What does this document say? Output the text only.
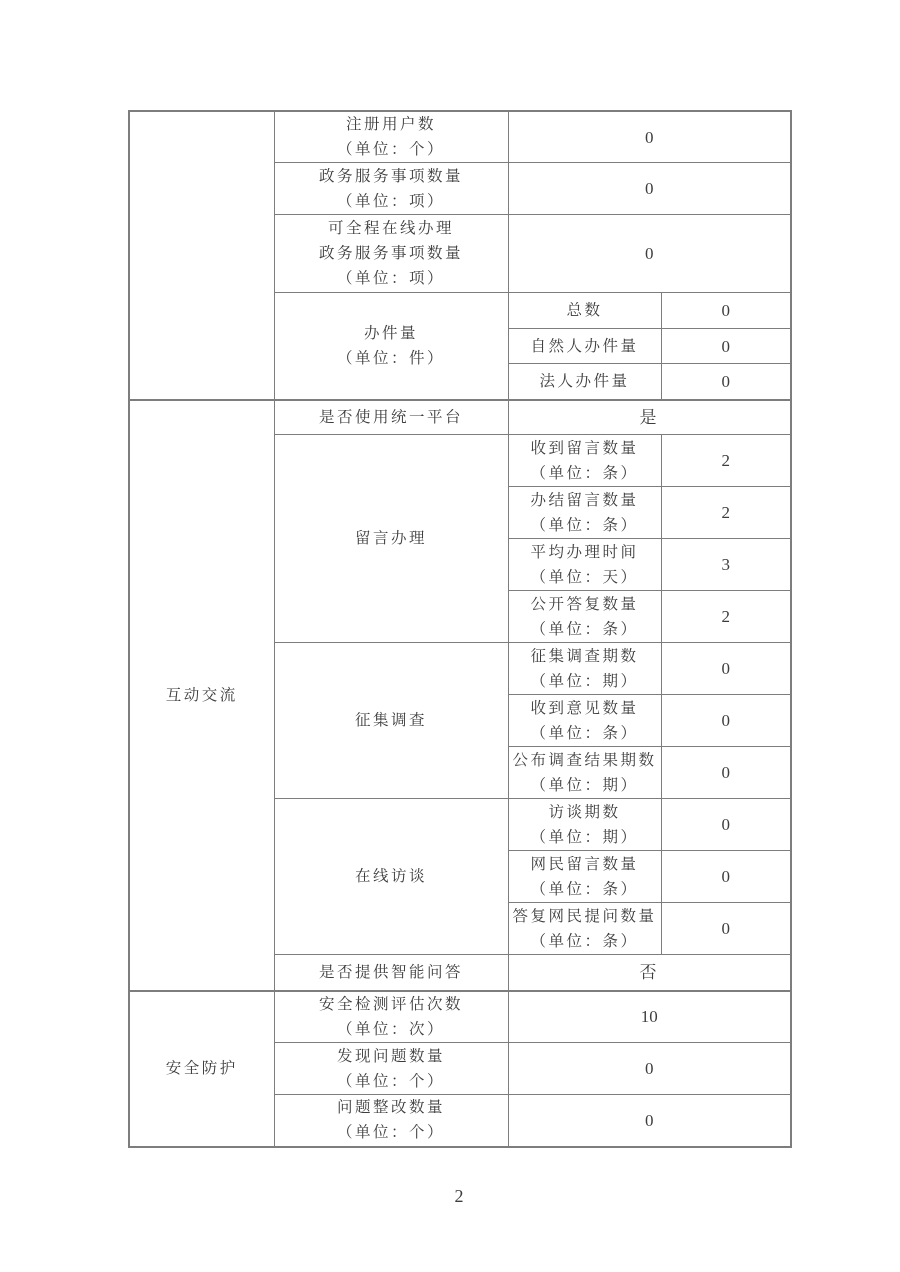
	注册用户数
（单位：个）	0	

	政务服务事项数量
（单位：项）	0	

	可全程在线办理
政务服务事项数量
（单位：项）	0	

	办件量
（单位：件）	总数	0
		自然人办件量	0
		法人办件量	0
互动交流	是否使用统一平台	是	
	留言办理	收到留言数量
（单位：条）	2

		办结留言数量
（单位：条）	2

		平均办理时间
（单位：天）	3

		公开答复数量
（单位：条）	2
	征集调查	征集调查期数
（单位：期）	0

		收到意见数量
（单位：条）	0

		公布调查结果期数
（单位：期）	0
	在线访谈	访谈期数
（单位：期）	0

		网民留言数量
（单位：条）	0

		答复网民提问数量
（单位：条）	0
	是否提供智能问答	否	
安全防护	安全检测评估次数
（单位：次）	10	

	发现问题数量
（单位：个）	0	

	问题整改数量
（单位：个）	0	
2
